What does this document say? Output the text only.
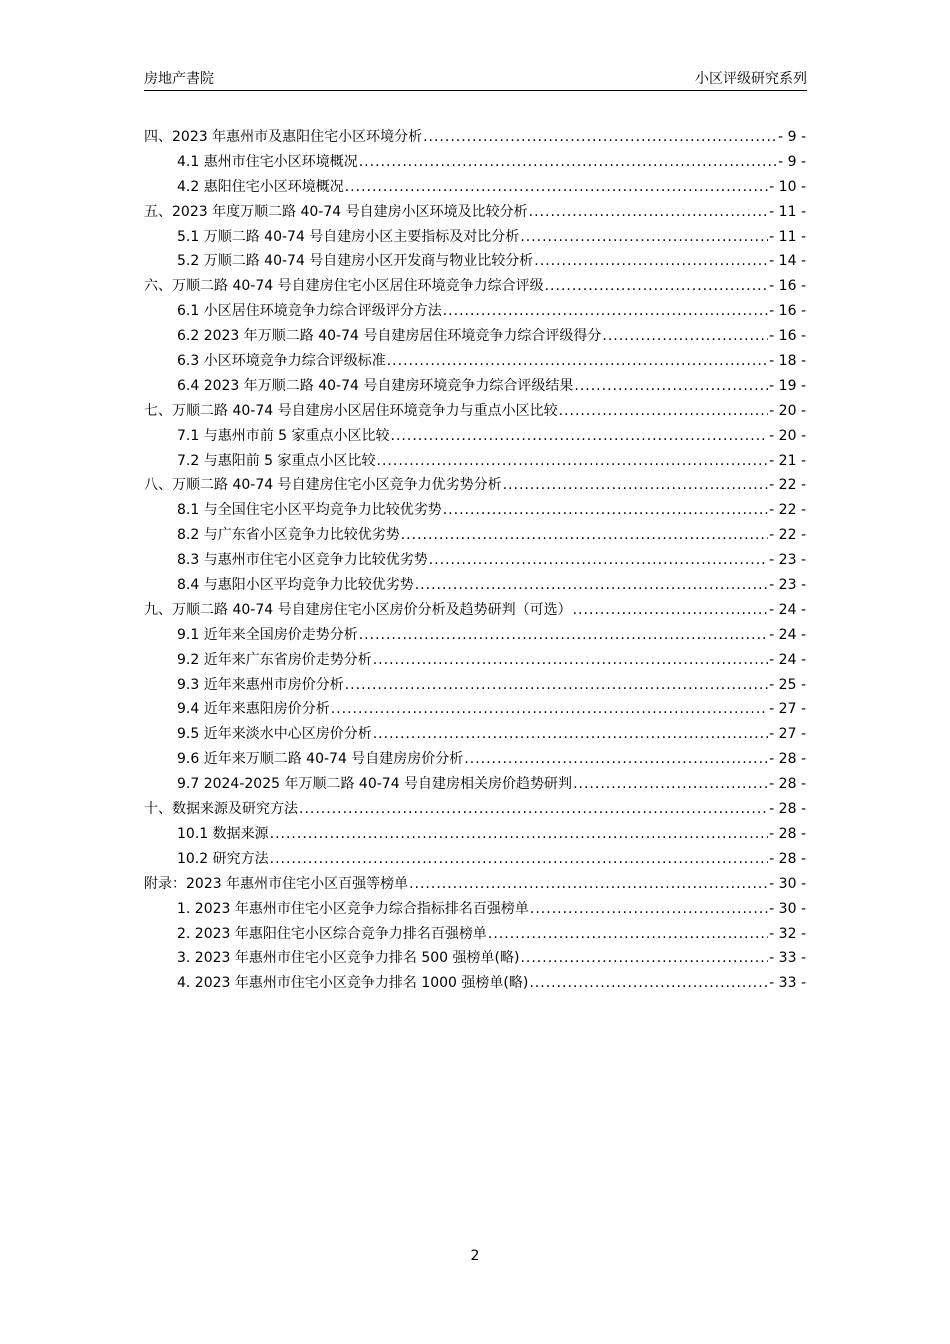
房地产書院	小区评级研究系列
四、2023 年惠州市及惠阳住宅小区环境分析 .....	- 9 -
4.1 惠州市住宅小区环境概况 .....	- 9 -
4.2 惠阳住宅小区环境概况 .....	- 10 -
五、2023 年度万顺二路 40-74 号自建房小区环境及比较分析 .....	- 11 -
5.1 万顺二路 40-74 号自建房小区主要指标及对比分析 .....	- 11 -
5.2 万顺二路 40-74 号自建房小区开发商与物业比较分析 .....	- 14 -
六、万顺二路 40-74 号自建房住宅小区居住环境竞争力综合评级 .....	- 16 -
6.1 小区居住环境竞争力综合评级评分方法 .....	- 16 -
6.2 2023 年万顺二路 40-74 号自建房居住环境竞争力综合评级得分 .....	- 16 -
6.3 小区环境竞争力综合评级标准 .....	- 18 -
6.4 2023 年万顺二路 40-74 号自建房环境竞争力综合评级结果 .....	- 19 -
七、万顺二路 40-74 号自建房小区居住环境竞争力与重点小区比较 .....	- 20 -
7.1 与惠州市前 5 家重点小区比较 .....	- 20 -
7.2 与惠阳前 5 家重点小区比较 .....	- 21 -
八、万顺二路 40-74 号自建房住宅小区竞争力优劣势分析 .....	- 22 -
8.1 与全国住宅小区平均竞争力比较优劣势 .....	- 22 -
8.2 与广东省小区竞争力比较优劣势 .....	- 22 -
8.3 与惠州市住宅小区竞争力比较优劣势 .....	- 23 -
8.4 与惠阳小区平均竞争力比较优劣势 .....	- 23 -
九、万顺二路 40-74 号自建房住宅小区房价分析及趋势研判（可选） .....	- 24 -
9.1 近年来全国房价走势分析 .....	- 24 -
9.2 近年来广东省房价走势分析 .....	- 24 -
9.3 近年来惠州市房价分析 .....	- 25 -
9.4 近年来惠阳房价分析 .....	- 27 -
9.5 近年来淡水中心区房价分析 .....	- 27 -
9.6 近年来万顺二路 40-74 号自建房房价分析 .....	- 28 -
9.7 2024-2025 年万顺二路 40-74 号自建房相关房价趋势研判 .....	- 28 -
十、数据来源及研究方法 .....	- 28 -
10.1 数据来源 .....	- 28 -
10.2 研究方法 .....	- 28 -
附录：2023 年惠州市住宅小区百强等榜单 .....	- 30 -
1. 2023 年惠州市住宅小区竞争力综合指标排名百强榜单 .....	- 30 -
2. 2023 年惠阳住宅小区综合竞争力排名百强榜单 .....	- 32 -
3. 2023 年惠州市住宅小区竞争力排名 500 强榜单(略) .....	- 33 -
4. 2023 年惠州市住宅小区竞争力排名 1000 强榜单(略) .....	- 33 -
2
